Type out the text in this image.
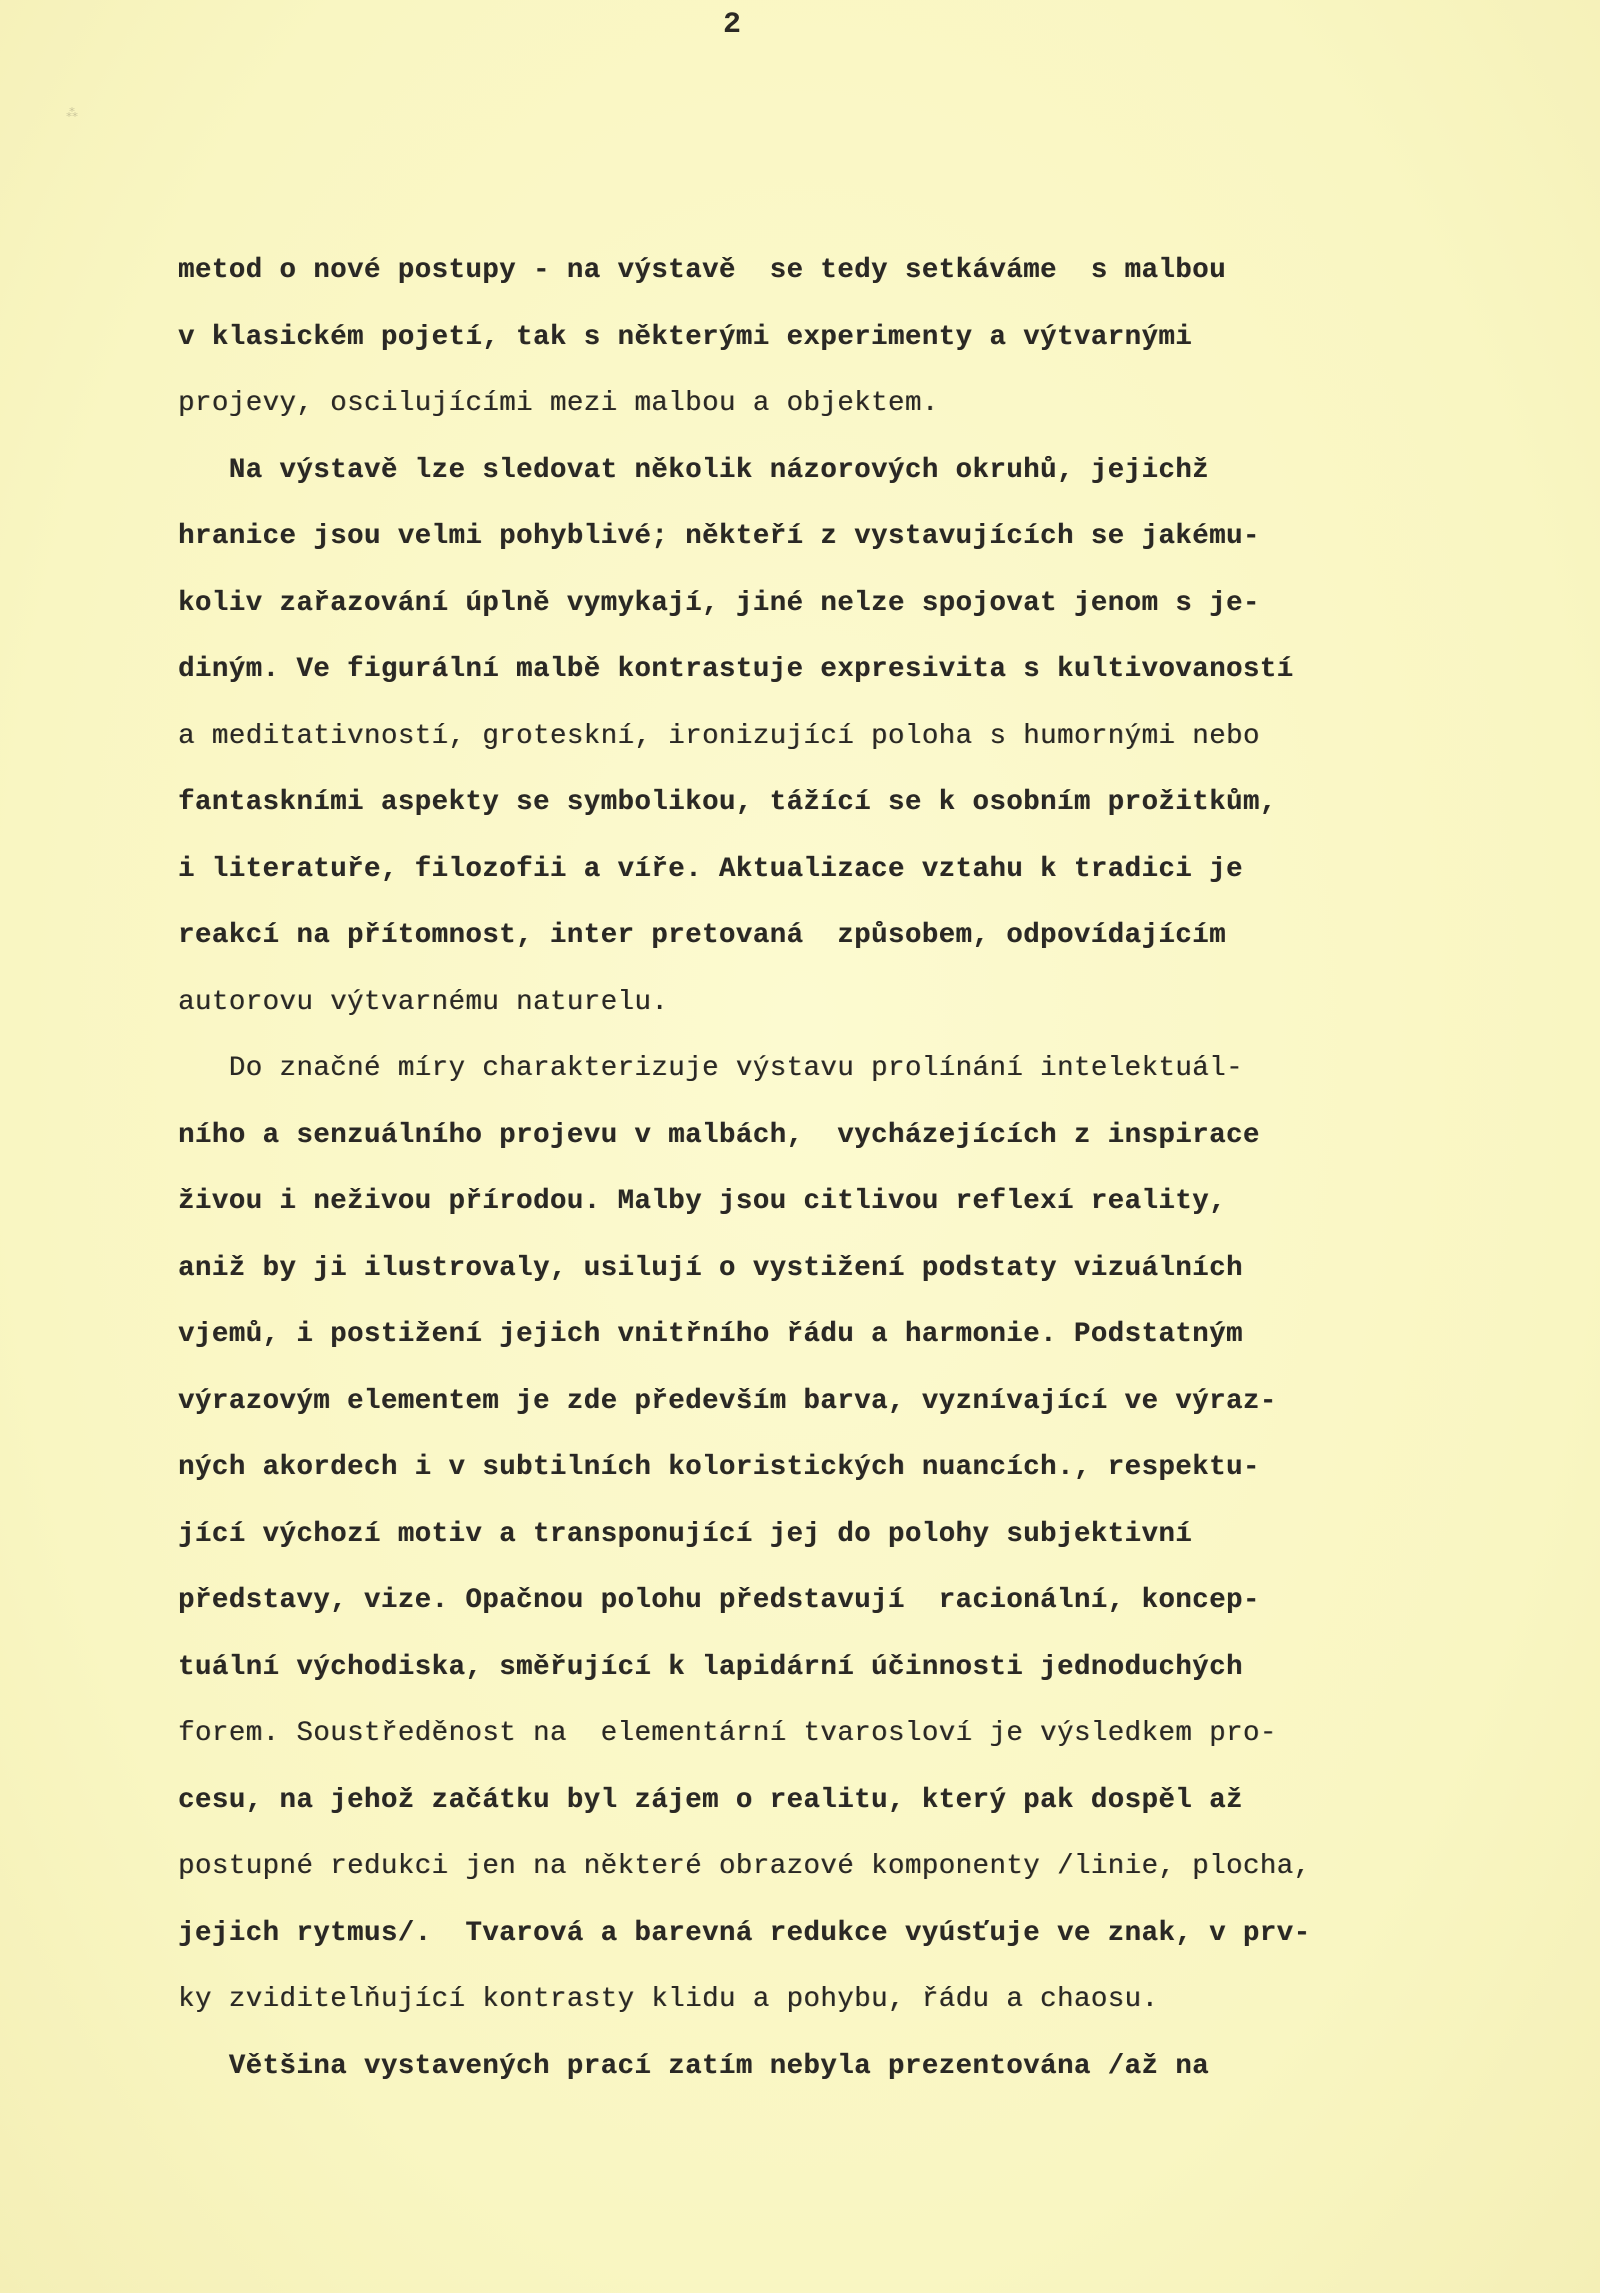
⁂
2
metod o nové postupy - na výstavě  se tedy setkáváme  s malbou
v klasickém pojetí, tak s některými experimenty a výtvarnými
projevy, oscilujícími mezi malbou a objektem.
Na výstavě lze sledovat několik názorových okruhů, jejichž
hranice jsou velmi pohyblivé; někteří z vystavujících se jakému-
koliv zařazování úplně vymykají, jiné nelze spojovat jenom s je-
diným. Ve figurální malbě kontrastuje expresivita s kultivovaností
a meditativností, groteskní, ironizující poloha s humornými nebo
fantaskními aspekty se symbolikou, tážící se k osobním prožitkům,
i literatuře, filozofii a víře. Aktualizace vztahu k tradici je
reakcí na přítomnost, inter pretovaná  způsobem, odpovídajícím
autorovu výtvarnému naturelu.
Do značné míry charakterizuje výstavu prolínání intelektuál-
ního a senzuálního projevu v malbách,  vycházejících z inspirace
živou i neživou přírodou. Malby jsou citlivou reflexí reality,
aniž by ji ilustrovaly, usilují o vystižení podstaty vizuálních
vjemů, i postižení jejich vnitřního řádu a harmonie. Podstatným
výrazovým elementem je zde především barva, vyznívající ve výraz-
ných akordech i v subtilních koloristických nuancích., respektu-
jící výchozí motiv a transponující jej do polohy subjektivní
představy, vize. Opačnou polohu představují  racionální, koncep-
tuální východiska, směřující k lapidární účinnosti jednoduchých
forem. Soustředěnost na  elementární tvarosloví je výsledkem pro-
cesu, na jehož začátku byl zájem o realitu, který pak dospěl až
postupné redukci jen na některé obrazové komponenty /linie, plocha,
jejich rytmus/.  Tvarová a barevná redukce vyúsťuje ve znak, v prv-
ky zviditelňující kontrasty klidu a pohybu, řádu a chaosu.
Většina vystavených prací zatím nebyla prezentována /až na
